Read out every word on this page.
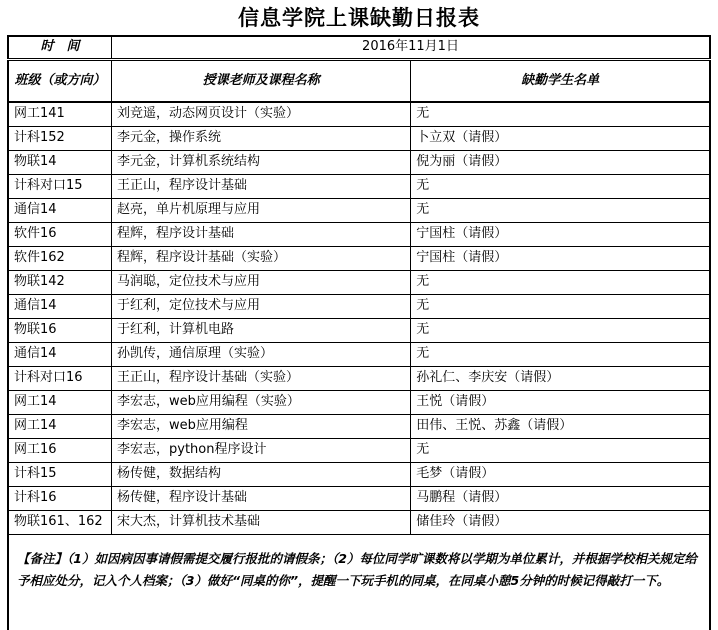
信息学院上课缺勤日报表
时　间	2016年11月1日	
班级（或方向）	授课老师及课程名称	缺勤学生名单
网工141	刘竞遥，动态网页设计（实验）	无
计科152	李元金，操作系统	卜立双（请假）
物联14	李元金，计算机系统结构	倪为丽（请假）
计科对口15	王正山，程序设计基础	无
通信14	赵亮，单片机原理与应用	无
软件16	程辉，程序设计基础	宁国柱（请假）
软件162	程辉，程序设计基础（实验）	宁国柱（请假）
物联142	马润聪，定位技术与应用	无
通信14	于红利，定位技术与应用	无
物联16	于红利，计算机电路	无
通信14	孙凯传，通信原理（实验）	无
计科对口16	王正山，程序设计基础（实验）	孙礼仁、李庆安（请假）
网工14	李宏志，web应用编程（实验）	王悦（请假）
网工14	李宏志，web应用编程	田伟、王悦、苏鑫（请假）
网工16	李宏志，python程序设计	无
计科15	杨传健，数据结构	毛梦（请假）
计科16	杨传健，程序设计基础	马鹏程（请假）
物联161、162	宋大杰，计算机技术基础	储佳玲（请假）
【备注】（1）如因病因事请假需提交履行报批的请假条；（2）每位同学旷课数将以学期为单位累计，并根据学校相关规定给予相应处分，记入个人档案；（3）做好“同桌的你”，提醒一下玩手机的同桌，在同桌小憩5分钟的时候记得敲打一下。		
